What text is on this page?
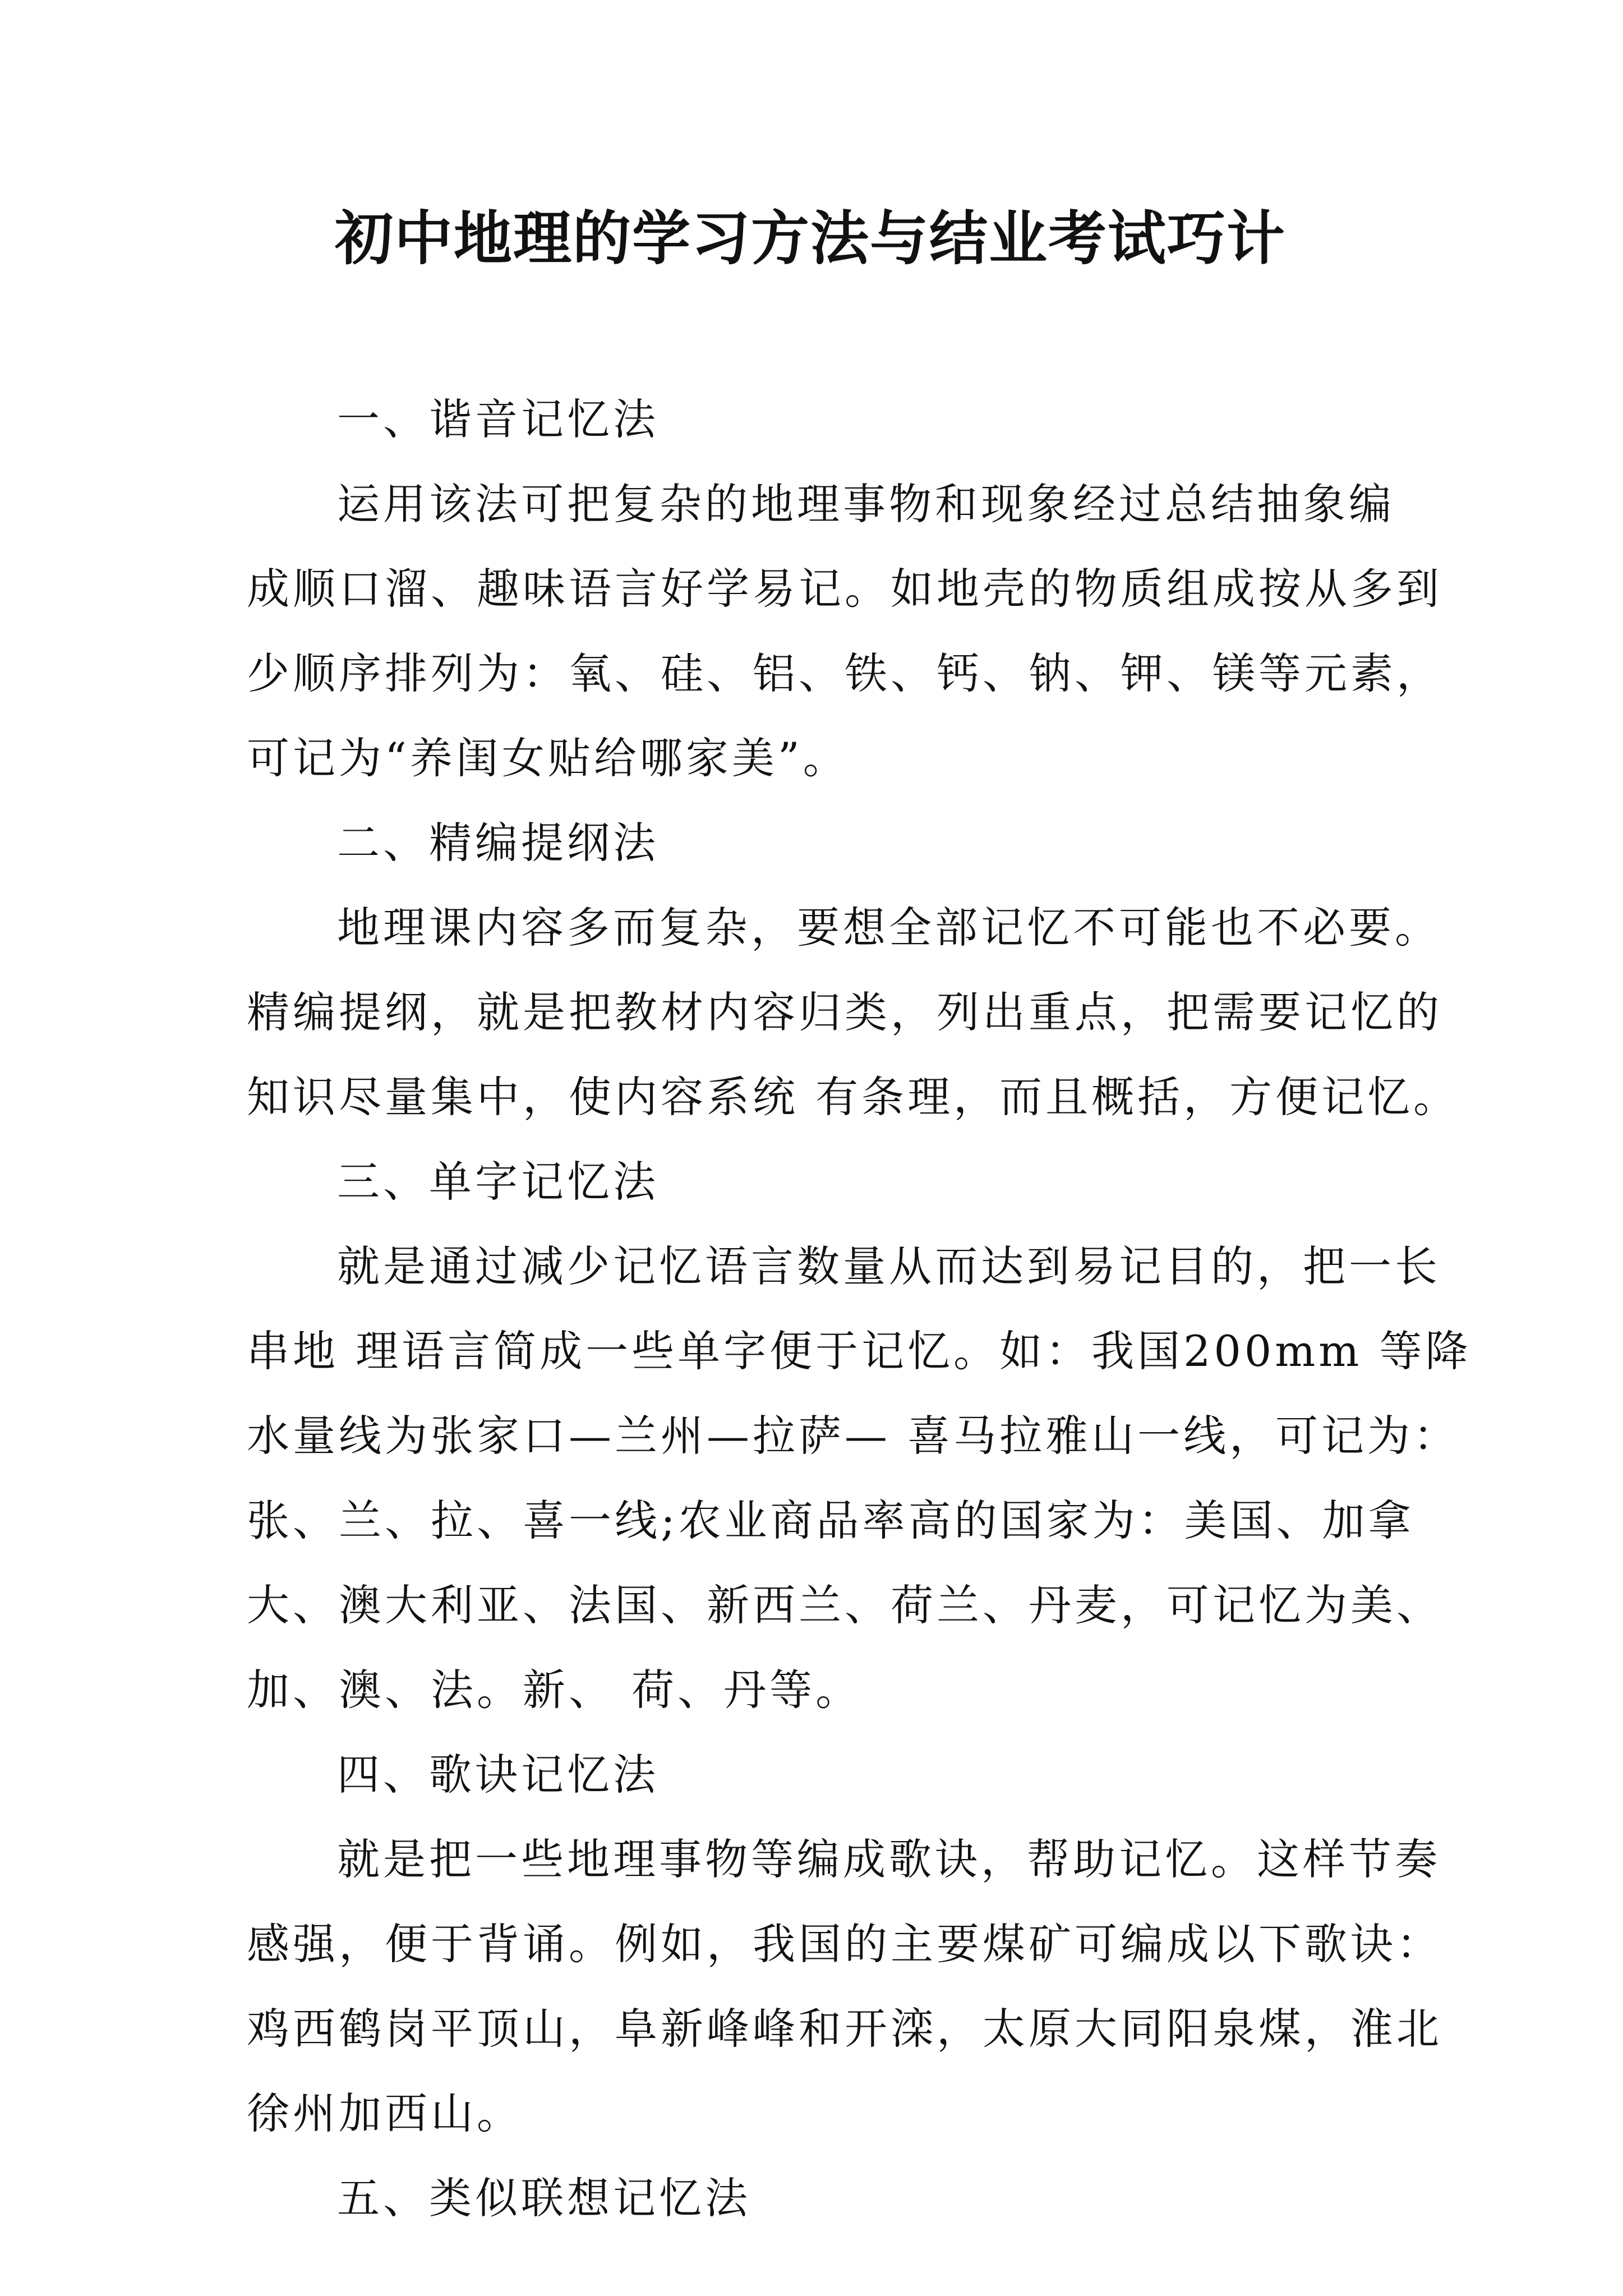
初中地理的学习方法与结业考试巧计
一、谐音记忆法
运用该法可把复杂的地理事物和现象经过总结抽象编
成顺口溜、趣味语言好学易记。如地壳的物质组成按从多到
少顺序排列为：氧、硅、铝、铁、钙、钠、钾、镁等元素，
可记为“养闺女贴给哪家美”。
二、精编提纲法
地理课内容多而复杂，要想全部记忆不可能也不必要。
精编提纲，就是把教材内容归类，列出重点，把需要记忆的
知识尽量集中，使内容系统 有条理，而且概括，方便记忆。
三、单字记忆法
就是通过减少记忆语言数量从而达到易记目的，把一长
串地 理语言简成一些单字便于记忆。如：我国200mm 等降
水量线为张家口—兰州—拉萨— 喜马拉雅山一线，可记为：
张、兰、拉、喜一线;农业商品率高的国家为：美国、加拿
大、澳大利亚、法国、新西兰、荷兰、丹麦，可记忆为美、
加、澳、法。新、 荷、丹等。
四、歌诀记忆法
就是把一些地理事物等编成歌诀，帮助记忆。这样节奏
感强，便于背诵。例如，我国的主要煤矿可编成以下歌诀：
鸡西鹤岗平顶山，阜新峰峰和开滦，太原大同阳泉煤，淮北
徐州加西山。
五、类似联想记忆法
